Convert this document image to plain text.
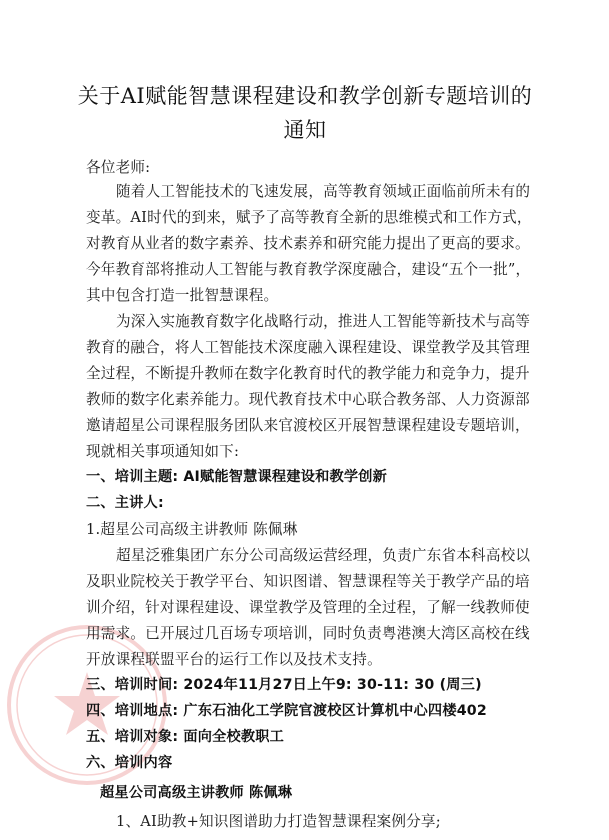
关于AI赋能智慧课程建设和教学创新专题培训的
通知
各位老师:
随着人工智能技术的飞速发展，高等教育领域正面临前所未有的
变革。AI时代的到来，赋予了高等教育全新的思维模式和工作方式，
对教育从业者的数字素养、技术素养和研究能力提出了更高的要求。
今年教育部将推动人工智能与教育教学深度融合，建设“五个一批”，
其中包含打造一批智慧课程。
为深入实施教育数字化战略行动，推进人工智能等新技术与高等
教育的融合，将人工智能技术深度融入课程建设、课堂教学及其管理
全过程，不断提升教师在数字化教育时代的教学能力和竞争力，提升
教师的数字化素养能力。现代教育技术中心联合教务部、人力资源部
邀请超星公司课程服务团队来官渡校区开展智慧课程建设专题培训，
现就相关事项通知如下:
一、培训主题: AI赋能智慧课程建设和教学创新
二、主讲人:
1.超星公司高级主讲教师 陈佩琳
超星泛雅集团广东分公司高级运营经理，负责广东省本科高校以
及职业院校关于教学平台、知识图谱、智慧课程等关于教学产品的培
训介绍，针对课程建设、课堂教学及管理的全过程，了解一线教师使
用需求。已开展过几百场专项培训，同时负责粤港澳大湾区高校在线
开放课程联盟平台的运行工作以及技术支持。
三、培训时间: 2024年11月27日上午9: 30-11: 30 (周三)
四、培训地点: 广东石油化工学院官渡校区计算机中心四楼402
五、培训对象: 面向全校教职工
六、培训内容
超星公司高级主讲教师 陈佩琳
1、AI助教+知识图谱助力打造智慧课程案例分享;
